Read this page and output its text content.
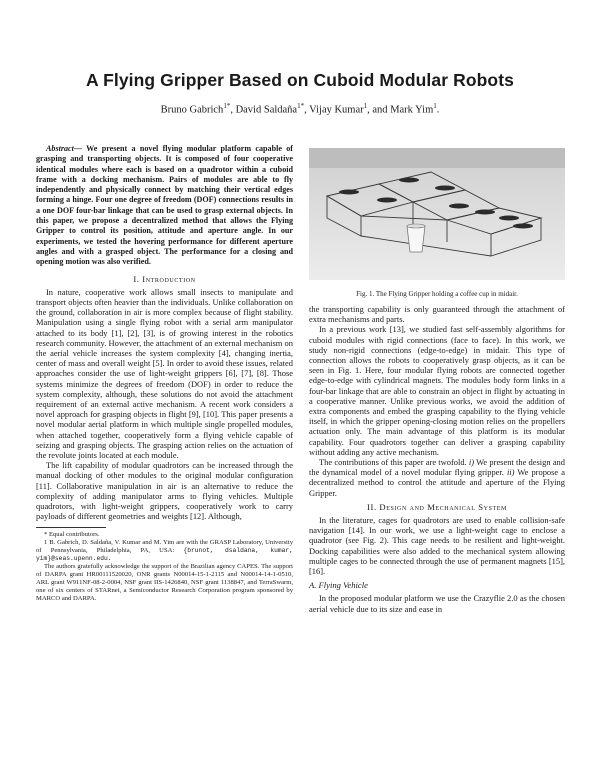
A Flying Gripper Based on Cuboid Modular Robots
Bruno Gabrich$^{1*}$, David Saldaña$^{1*}$, Vijay Kumar$^1$, and Mark Yim$^1$.

Abstract— We present a novel flying modular platform capable of grasping and transporting objects. It is composed of four cooperative identical modules where each is based on a quadrotor within a cuboid frame with a docking mechanism. Pairs of modules are able to fly independently and physically connect by matching their vertical edges forming a hinge. Four one degree of freedom (DOF) connections results in a one DOF four-bar linkage that can be used to grasp external objects. In this paper, we propose a decentralized method that allows the Flying Gripper to control its position, attitude and aperture angle. In our experiments, we tested the hovering performance for different aperture angles and with a grasped object. The performance for a closing and opening motion was also verified.

I. Introduction

In nature, cooperative work allows small insects to manipulate and transport objects often heavier than the individuals. Unlike collaboration on the ground, collaboration in air is more complex because of flight stability. Manipulation using a single flying robot with a serial arm manipulator attached to its body [1], [2], [3], is of growing interest in the robotics research community. However, the attachment of an external mechanism on the aerial vehicle increases the system complexity [4], changing inertia, center of mass and overall weight [5]. In order to avoid these issues, related approaches consider the use of light-weight grippers [6], [7], [8]. Those systems minimize the degrees of freedom (DOF) in order to reduce the system complexity, although, these solutions do not avoid the attachment requirement of an external active mechanism. A recent work considers a novel approach for grasping objects in flight [9], [10]. This paper presents a novel modular aerial platform in which multiple single propelled modules, when attached together, cooperatively form a flying vehicle capable of seizing and grasping objects. The grasping action relies on the actuation of the revolute joints located at each module.

The lift capability of modular quadrotors can be increased through the manual docking of other modules to the original modular configuration [11]. Collaborative manipulation in air is an alternative to reduce the complexity of adding manipulator arms to flying vehicles. Multiple quadrotors, with light-weight grippers, cooperatively work to carry payloads of different geometries and weights [12]. Although,

* Equal contributors.

1 B. Gabrich, D. Saldaña, V. Kumar and M. Yim are with the GRASP Laboratory, University of Pennsylvania, Philadelphia, PA, USA: {brunot, dsaldana, kumar, yim}@seas.upenn.edu.

The authors gratefully acknowledge the support of the Brazilian agency CAPES. The support of DARPA grant HR00111520020, ONR grants N00014-15-1-2115 and N00014-14-1-0510, ARL grant W911NF-08-2-0004, NSF grant IIS-1426840, NSF grant 1138847, and TerraSwarm, one of six centers of STARnet, a Semiconductor Research Corporation program sponsored by MARCO and DARPA.

Fig. 1. The Flying Gripper holding a coffee cup in midair.

the transporting capability is only guaranteed through the attachment of extra mechanisms and parts.

In a previous work [13], we studied fast self-assembly algorithms for cuboid modules with rigid connections (face to face). In this work, we study non-rigid connections (edge-to-edge) in midair. This type of connection allows the robots to cooperatively grasp objects, as it can be seen in Fig. 1. Here, four modular flying robots are connected together edge-to-edge with cylindrical magnets. The modules body form links in a four-bar linkage that are able to constrain an object in flight by actuating in a cooperative manner. Unlike previous works, we avoid the addition of extra components and embed the grasping capability to the flying vehicle itself, in which the gripper opening-closing motion relies on the propellers actuation only. The main advantage of this platform is its modular capability. Four quadrotors together can deliver a grasping capability without adding any active mechanism.

The contributions of this paper are twofold. i) We present the design and the dynamical model of a novel modular flying gripper. ii) We propose a decentralized method to control the attitude and aperture of the Flying Gripper.

II. Design and Mechanical System

In the literature, cages for quadrotors are used to enable collision-safe navigation [14]. In our work, we use a light-weight cage to enclose a quadrotor (see Fig. 2). This cage needs to be resilient and light-weight. Docking capabilities were also added to the mechanical system allowing multiple cages to be connected through the use of permanent magnets [15], [16].

A. Flying Vehicle

In the proposed modular platform we use the Crazyflie 2.0 as the chosen aerial vehicle due to its size and ease in
